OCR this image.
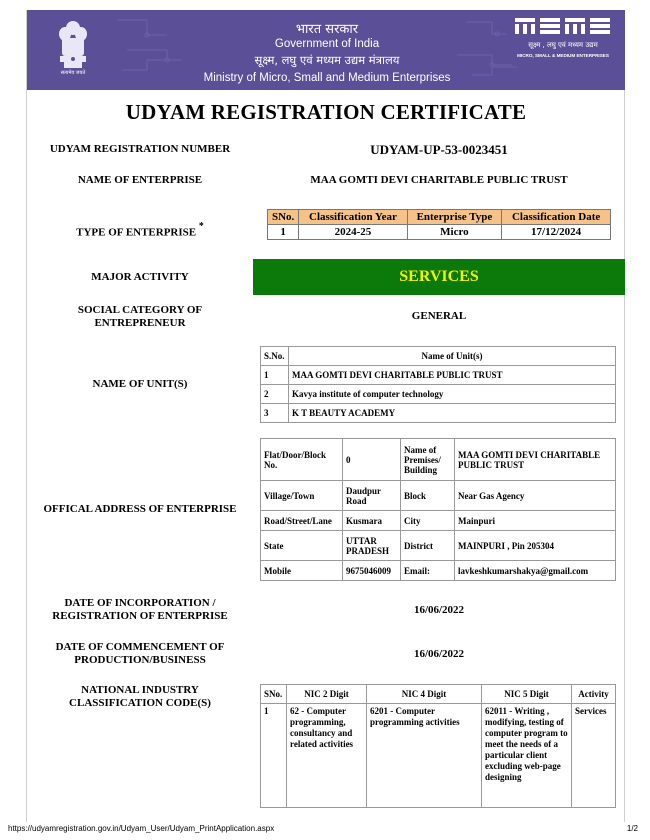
सत्यमेव जयते
भारत सरकार
Government of India
सूक्ष्म, लघु एवं मध्यम उद्यम मंत्रालय
Ministry of Micro, Small and Medium Enterprises
सूक्ष्म , लघु एवं मध्यम उद्यम
MICRO, SMALL & MEDIUM ENTERPRISES
UDYAM REGISTRATION CERTIFICATE
UDYAM REGISTRATION NUMBER	UDYAM-UP-53-0023451
NAME OF ENTERPRISE	MAA GOMTI DEVI CHARITABLE PUBLIC TRUST
TYPE OF ENTERPRISE *
SNo.	Classification Year	Enterprise Type	Classification Date
1	2024-25	Micro	17/12/2024
MAJOR ACTIVITY	SERVICES
SOCIAL CATEGORY OF
ENTREPRENEUR
GENERAL
NAME OF UNIT(S)
S.No.	Name of Unit(s)
1	MAA GOMTI DEVI CHARITABLE PUBLIC TRUST
2	Kavya institute of computer technology
3	K T BEAUTY ACADEMY
OFFICAL ADDRESS OF ENTERPRISE
Flat/Door/Block No.	0	Name of Premises/ Building	MAA GOMTI DEVI CHARITABLE PUBLIC TRUST
Village/Town	Daudpur Road	Block	Near Gas Agency
Road/Street/Lane	Kusmara	City	Mainpuri
State	UTTAR PRADESH	District	MAINPURI , Pin 205304
Mobile	9675046009	Email:	lavkeshkumarshakya@gmail.com
DATE OF INCORPORATION /
REGISTRATION OF ENTERPRISE	16/06/2022
DATE OF COMMENCEMENT OF
PRODUCTION/BUSINESS	16/06/2022
NATIONAL INDUSTRY
CLASSIFICATION CODE(S)
SNo.	NIC 2 Digit	NIC 4 Digit	NIC 5 Digit	Activity
1	62 - Computer programming, consultancy and related activities	6201 - Computer programming activities	62011 - Writing , modifying, testing of computer program to meet the needs of a particular client excluding web-page designing	Services
https://udyamregistration.gov.in/Udyam_User/Udyam_PrintApplication.aspx	1/2
